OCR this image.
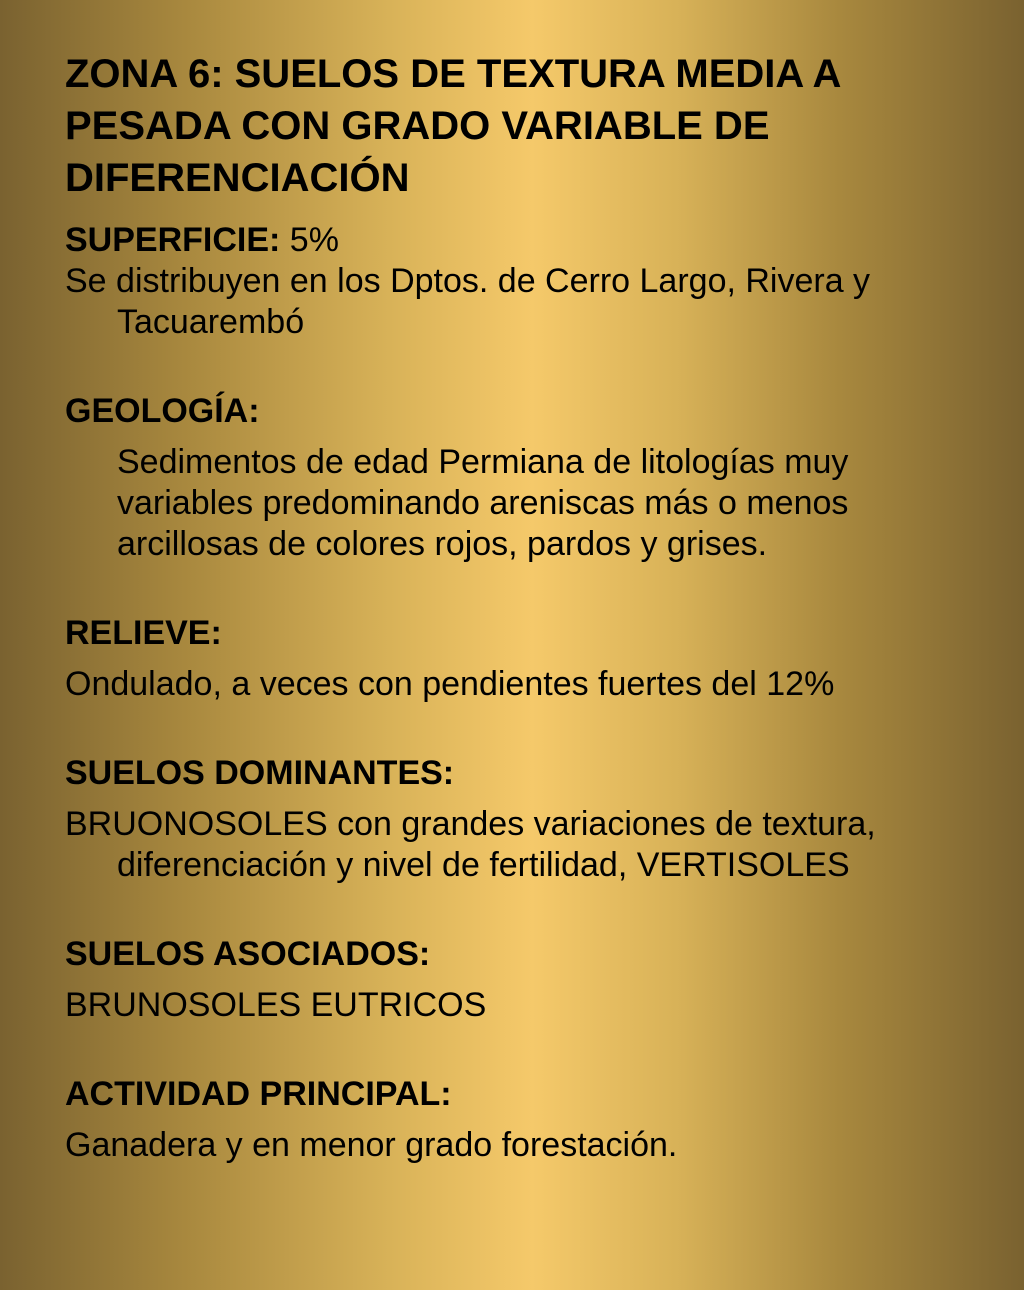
ZONA 6: SUELOS DE TEXTURA MEDIA A PESADA CON GRADO VARIABLE DE DIFERENCIACIÓN

SUPERFICIE: 5%

Se distribuyen en los Dptos. de Cerro Largo, Rivera y Tacuarembó

GEOLOGÍA:

Sedimentos de edad Permiana de litologías muy variables predominando areniscas más o menos arcillosas de colores rojos, pardos y grises.

RELIEVE:

Ondulado, a veces con pendientes fuertes del 12%

SUELOS DOMINANTES:

BRUONOSOLES con grandes variaciones de textura, diferenciación y nivel de fertilidad, VERTISOLES

SUELOS ASOCIADOS:

BRUNOSOLES EUTRICOS

ACTIVIDAD PRINCIPAL:

Ganadera y en menor grado forestación.
